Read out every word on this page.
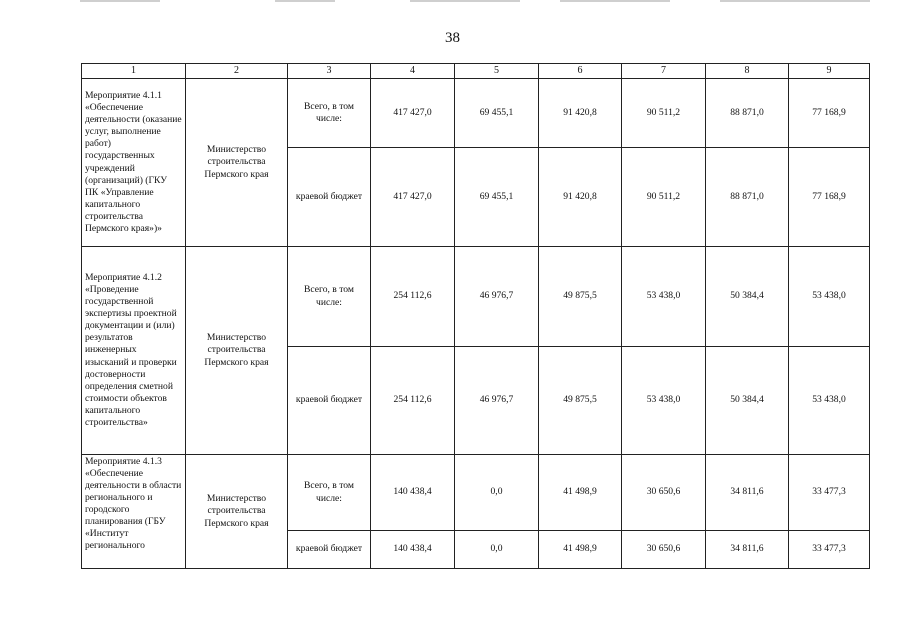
38
1	2	3	4	5	6	7	8	9
Мероприятие 4.1.1 «Обеспечение деятельности (оказание услуг, выполнение работ) государственных учреждений (организаций) (ГКУ ПК «Управление капитального строительства Пермского края»)»	Министерство строительства Пермского края	Всего, в том числе:	417 427,0	69 455,1	91 420,8	90 511,2	88 871,0	77 168,9
		краевой бюджет	417 427,0	69 455,1	91 420,8	90 511,2	88 871,0	77 168,9
Мероприятие 4.1.2 «Проведение государственной экспертизы проектной документации и (или) результатов инженерных изысканий и проверки достоверности определения сметной стоимости объектов капитального строительства»	Министерство строительства Пермского края	Всего, в том числе:	254 112,6	46 976,7	49 875,5	53 438,0	50 384,4	53 438,0
		краевой бюджет	254 112,6	46 976,7	49 875,5	53 438,0	50 384,4	53 438,0

Мероприятие 4.1.3 «Обеспечение деятельности в области регионального и городского планирования (ГБУ «Институт регионального	Министерство строительства Пермского края	Всего, в том числе:	140 438,4	0,0	41 498,9	30 650,6	34 811,6	33 477,3
		краевой бюджет	140 438,4	0,0	41 498,9	30 650,6	34 811,6	33 477,3
